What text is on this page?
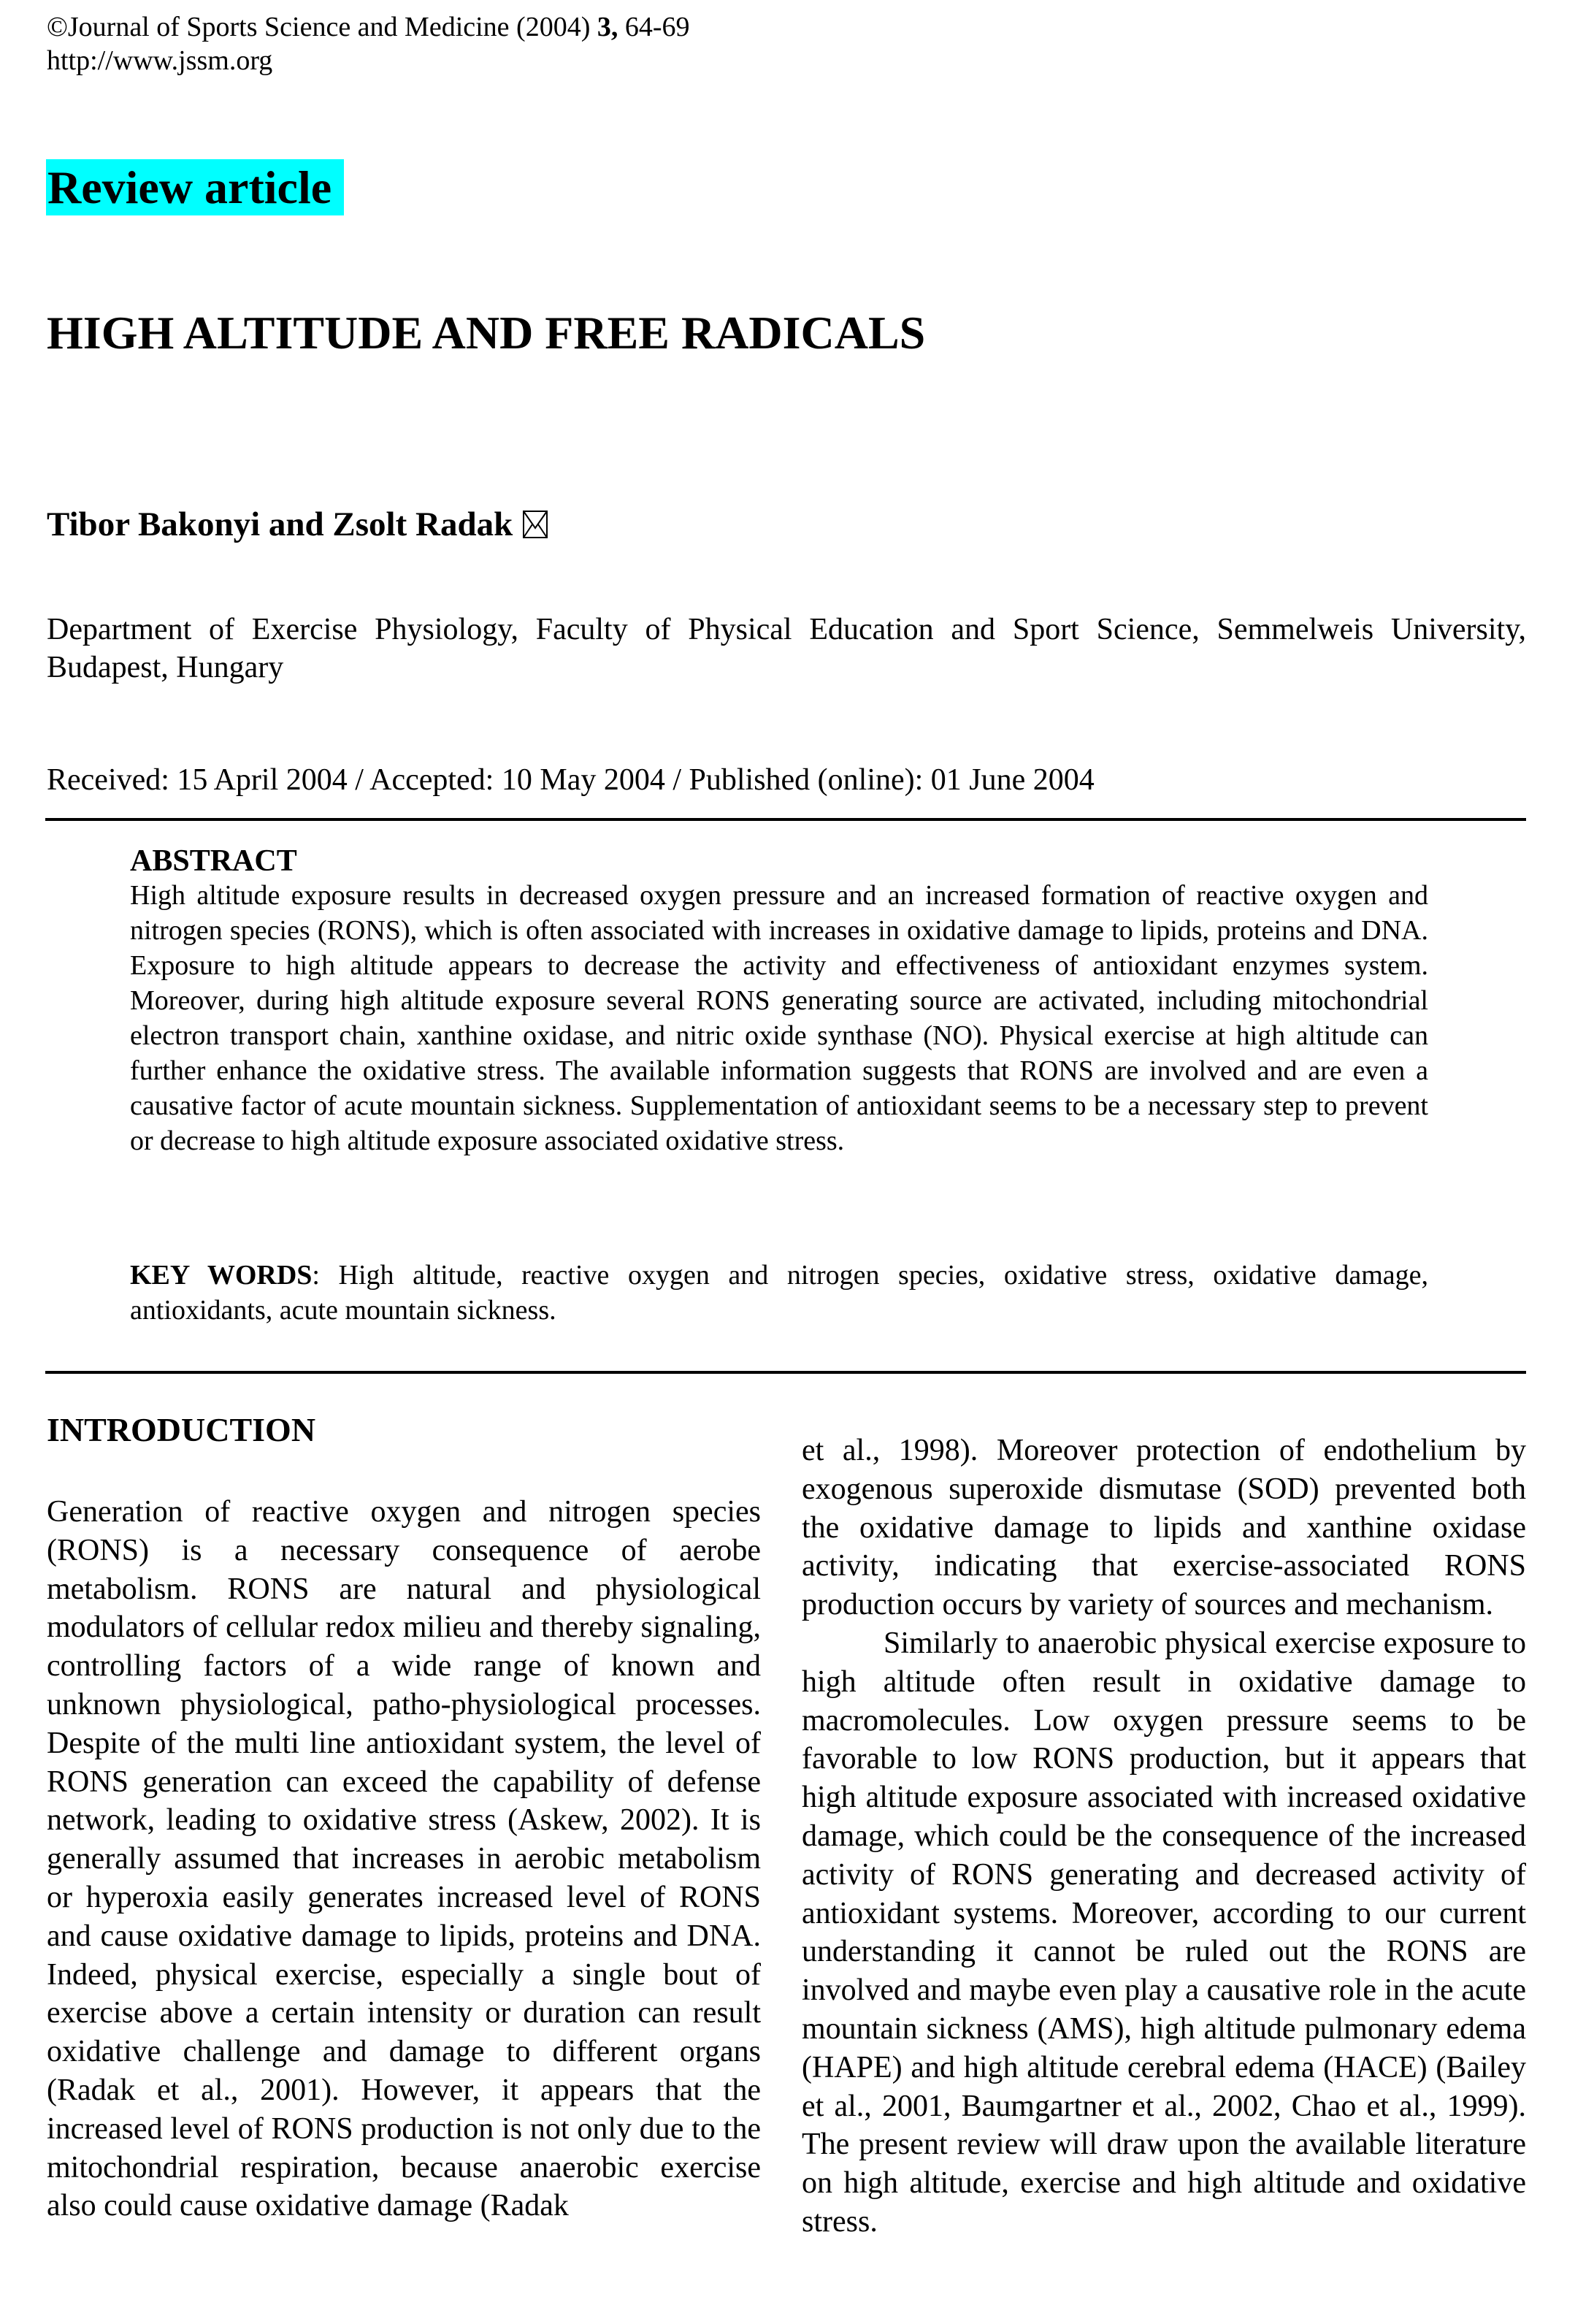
©Journal of Sports Science and Medicine (2004) 3, 64-69
http://www.jssm.org
Review article
HIGH ALTITUDE AND FREE RADICALS
Tibor Bakonyi and Zsolt Radak
Department of Exercise Physiology, Faculty of Physical Education and Sport Science, Semmelweis University, Budapest, Hungary
Received: 15 April 2004 / Accepted: 10 May 2004 / Published (online): 01 June 2004
ABSTRACT

High altitude exposure results in decreased oxygen pressure and an increased formation of reactive oxygen and nitrogen species (RONS), which is often associated with increases in oxidative damage to lipids, proteins and DNA. Exposure to high altitude appears to decrease the activity and effectiveness of antioxidant enzymes system. Moreover, during high altitude exposure several RONS generating source are activated, including mitochondrial electron transport chain, xanthine oxidase, and nitric oxide synthase (NO). Physical exercise at high altitude can further enhance the oxidative stress. The available information suggests that RONS are involved and are even a causative factor of acute mountain sickness. Supplementation of antioxidant seems to be a necessary step to prevent or decrease to high altitude exposure associated oxidative stress.

KEY WORDS: High altitude, reactive oxygen and nitrogen species, oxidative stress, oxidative damage, antioxidants, acute mountain sickness.
INTRODUCTION

Generation of reactive oxygen and nitrogen species (RONS) is a necessary consequence of aerobe metabolism. RONS are natural and physiological modulators of cellular redox milieu and thereby signaling, controlling factors of a wide range of known and unknown physiological, patho-physiological processes. Despite of the multi line antioxidant system, the level of RONS generation can exceed the capability of defense network, leading to oxidative stress (Askew, 2002). It is generally assumed that increases in aerobic metabolism or hyperoxia easily generates increased level of RONS and cause oxidative damage to lipids, proteins and DNA. Indeed, physical exercise, especially a single bout of exercise above a certain intensity or duration can result oxidative challenge and damage to different organs (Radak et al., 2001). However, it appears that the increased level of RONS production is not only due to the mitochondrial respiration, because anaerobic exercise also could cause oxidative damage (Radak

et al., 1998). Moreover protection of endothelium by exogenous superoxide dismutase (SOD) prevented both the oxidative damage to lipids and xanthine oxidase activity, indicating that exercise-associated RONS production occurs by variety of sources and mechanism.

Similarly to anaerobic physical exercise exposure to high altitude often result in oxidative damage to macromolecules. Low oxygen pressure seems to be favorable to low RONS production, but it appears that high altitude exposure associated with increased oxidative damage, which could be the consequence of the increased activity of RONS generating and decreased activity of antioxidant systems. Moreover, according to our current understanding it cannot be ruled out the RONS are involved and maybe even play a causative role in the acute mountain sickness (AMS), high altitude pulmonary edema (HAPE) and high altitude cerebral edema (HACE) (Bailey et al., 2001, Baumgartner et al., 2002, Chao et al., 1999). The present review will draw upon the available literature on high altitude, exercise and high altitude and oxidative stress.
